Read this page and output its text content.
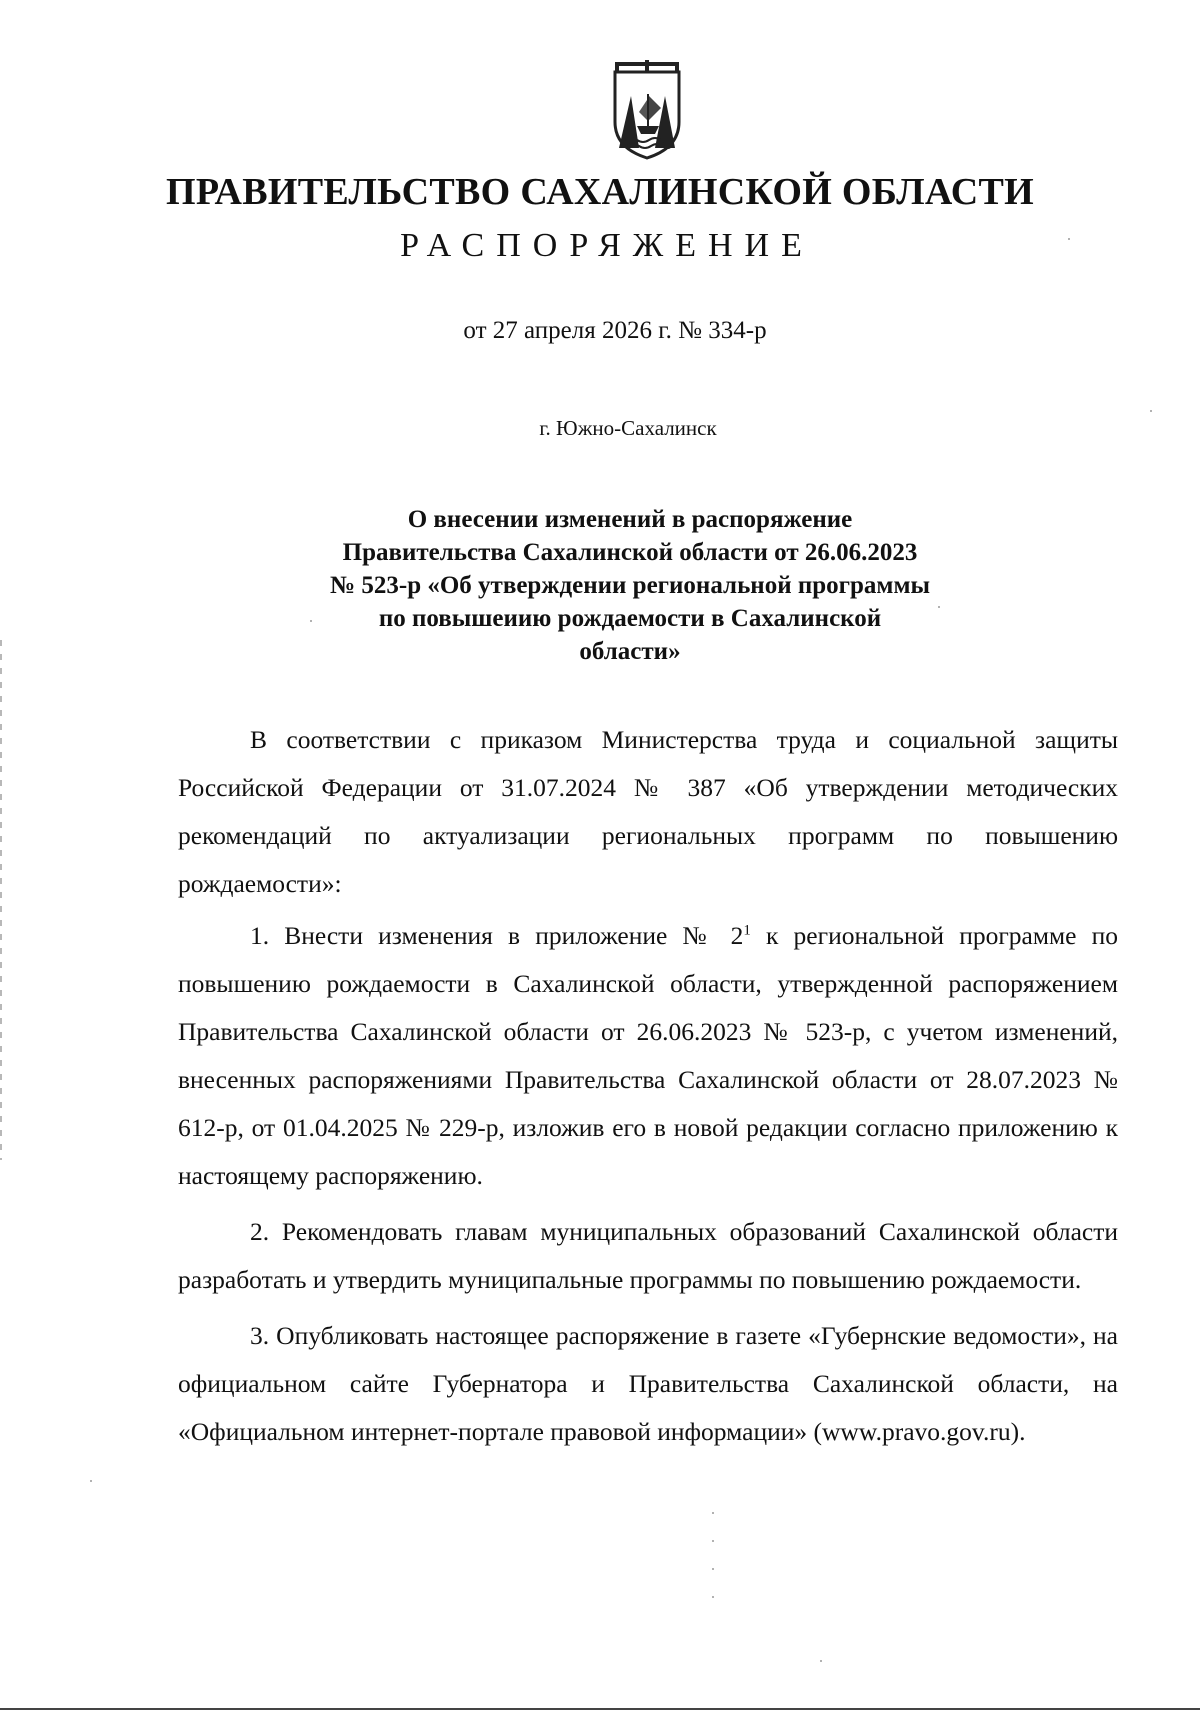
ПРАВИТЕЛЬСТВО САХАЛИНСКОЙ ОБЛАСТИ
РАСПОРЯЖЕНИЕ
от 27 апреля 2026 г. № 334-р
г. Южно-Сахалинск
О внесении изменений в распоряжение
Правительства Сахалинской области от 26.06.2023
№ 523-р «Об утверждении региональной программы
по повышеиию рождаемости в Сахалинской
области»

В соответствии с приказом Министерства труда и социальной защиты Российской Федерации от 31.07.2024 № 387 «Об утверждении методических рекомендаций по актуализации региональных программ по повышению рождаемости»:

1. Внести изменения в приложение № $2^1$ к региональной программе по повышению рождаемости в Сахалинской области, утвержденной распоряжением Правительства Сахалинской области от 26.06.2023 № 523-р, с учетом изменений, внесенных распоряжениями Правительства Сахалинской области от 28.07.2023 № 612-р, от 01.04.2025 № 229-р, изложив его в новой редакции согласно приложению к настоящему распоряжению.

2. Рекомендовать главам муниципальных образований Сахалинской области разработать и утвердить муниципальные программы по повышению рождаемости.

3. Опубликовать настоящее распоряжение в газете «Губернские ведомости», на официальном сайте Губернатора и Правительства Сахалинской области, на «Официальном интернет-портале правовой информации» (www.pravo.gov.ru).
